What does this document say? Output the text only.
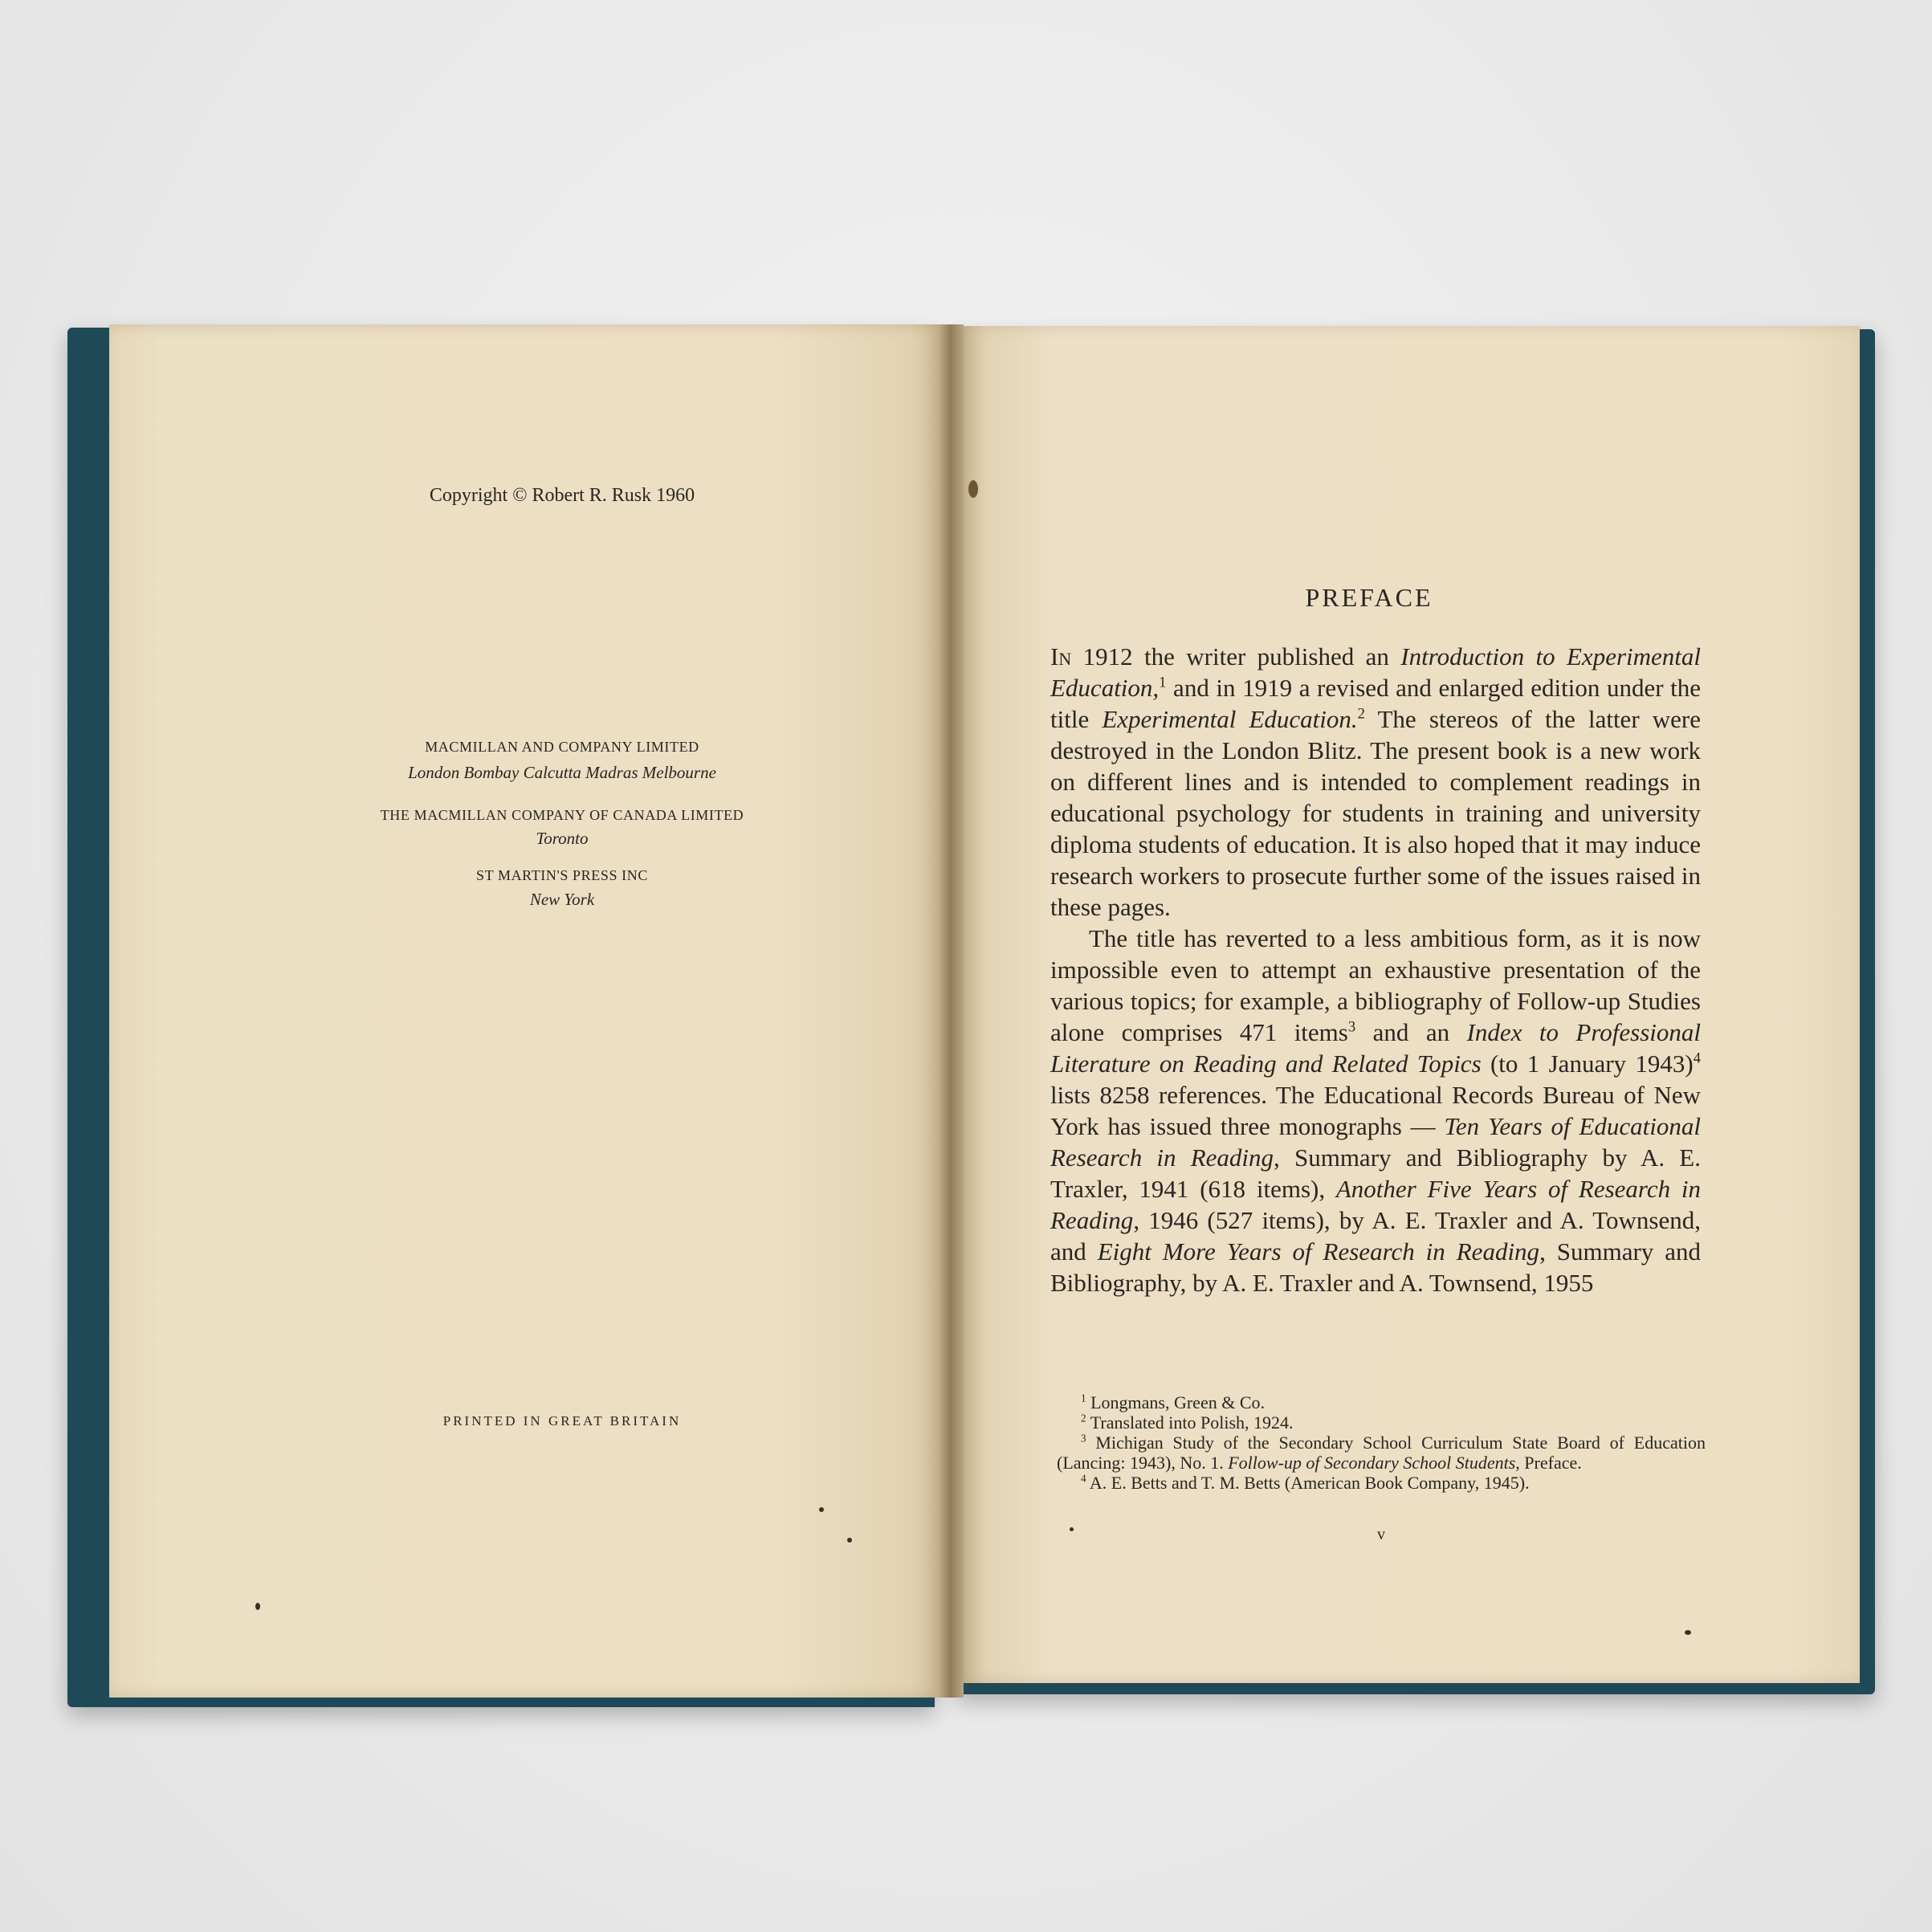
Copyright © Robert R. Rusk 1960
MACMILLAN AND COMPANY LIMITED
London Bombay Calcutta Madras Melbourne
THE MACMILLAN COMPANY OF CANADA LIMITED
Toronto
ST MARTIN'S PRESS INC
New York
PRINTED IN GREAT BRITAIN
PREFACE

In 1912 the writer published an Introduction to Experimental Education,$^1$ and in 1919 a revised and enlarged edition under the title Experimental Education.$^2$ The stereos of the latter were destroyed in the London Blitz. The present book is a new work on different lines and is intended to complement readings in educational psychology for students in training and university diploma students of education. It is also hoped that it may induce research workers to prosecute further some of the issues raised in these pages.

The title has reverted to a less ambitious form, as it is now impossible even to attempt an exhaustive presentation of the various topics; for example, a bibliography of Follow-up Studies alone comprises 471 items$^3$ and an Index to Professional Literature on Reading and Related Topics (to 1 January 1943)$^4$ lists 8258 references. The Educational Records Bureau of New York has issued three monographs — Ten Years of Educational Research in Reading, Summary and Bibliography by A. E. Traxler, 1941 (618 items), Another Five Years of Research in Reading, 1946 (527 items), by A. E. Traxler and A. Townsend, and Eight More Years of Research in Reading, Summary and Bibliography, by A. E. Traxler and A. Townsend, 1955

$^1$ Longmans, Green & Co.
$^2$ Translated into Polish, 1924.
$^3$ Michigan Study of the Secondary School Curriculum State Board of Education (Lancing: 1943), No. 1. Follow-up of Secondary School Students, Preface.
$^4$ A. E. Betts and T. M. Betts (American Book Company, 1945).
v
